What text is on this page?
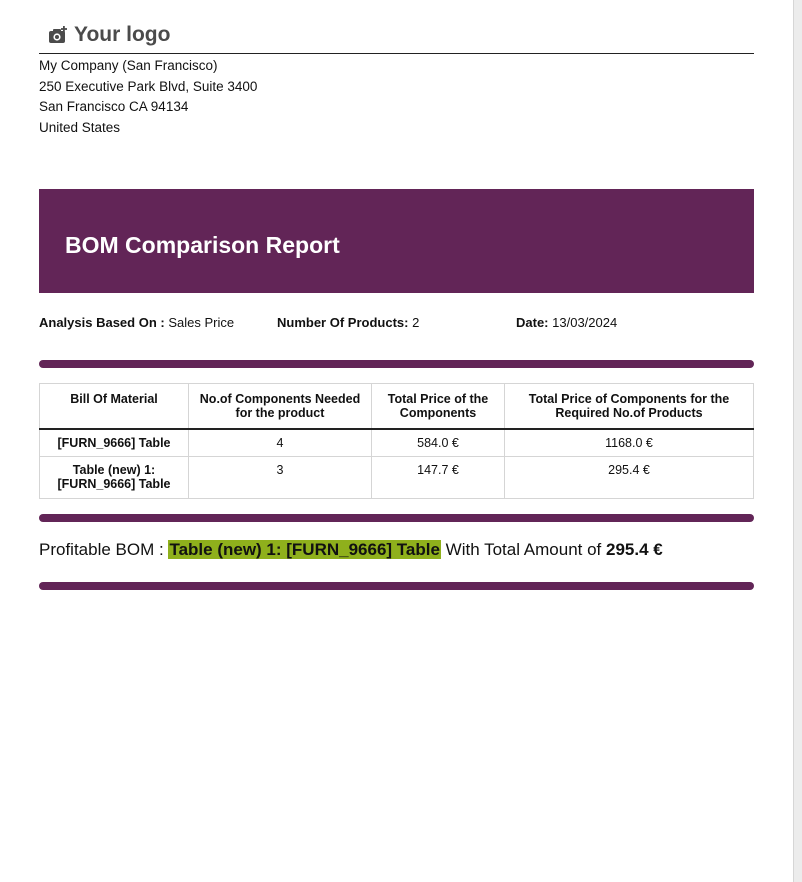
Your logo
My Company (San Francisco)
250 Executive Park Blvd, Suite 3400
San Francisco CA 94134
United States
BOM Comparison Report
Analysis Based On : Sales Price	Number Of Products: 2	Date: 13/03/2024
Bill Of Material	No.of Components Needed for the product	Total Price of the Components	Total Price of Components for the Required No.of Products
[FURN_9666] Table	4	584.0 €	1168.0 €
Table (new) 1: [FURN_9666] Table	3	147.7 €	295.4 €
Profitable BOM : Table (new) 1: [FURN_9666] Table With Total Amount of 295.4 €
